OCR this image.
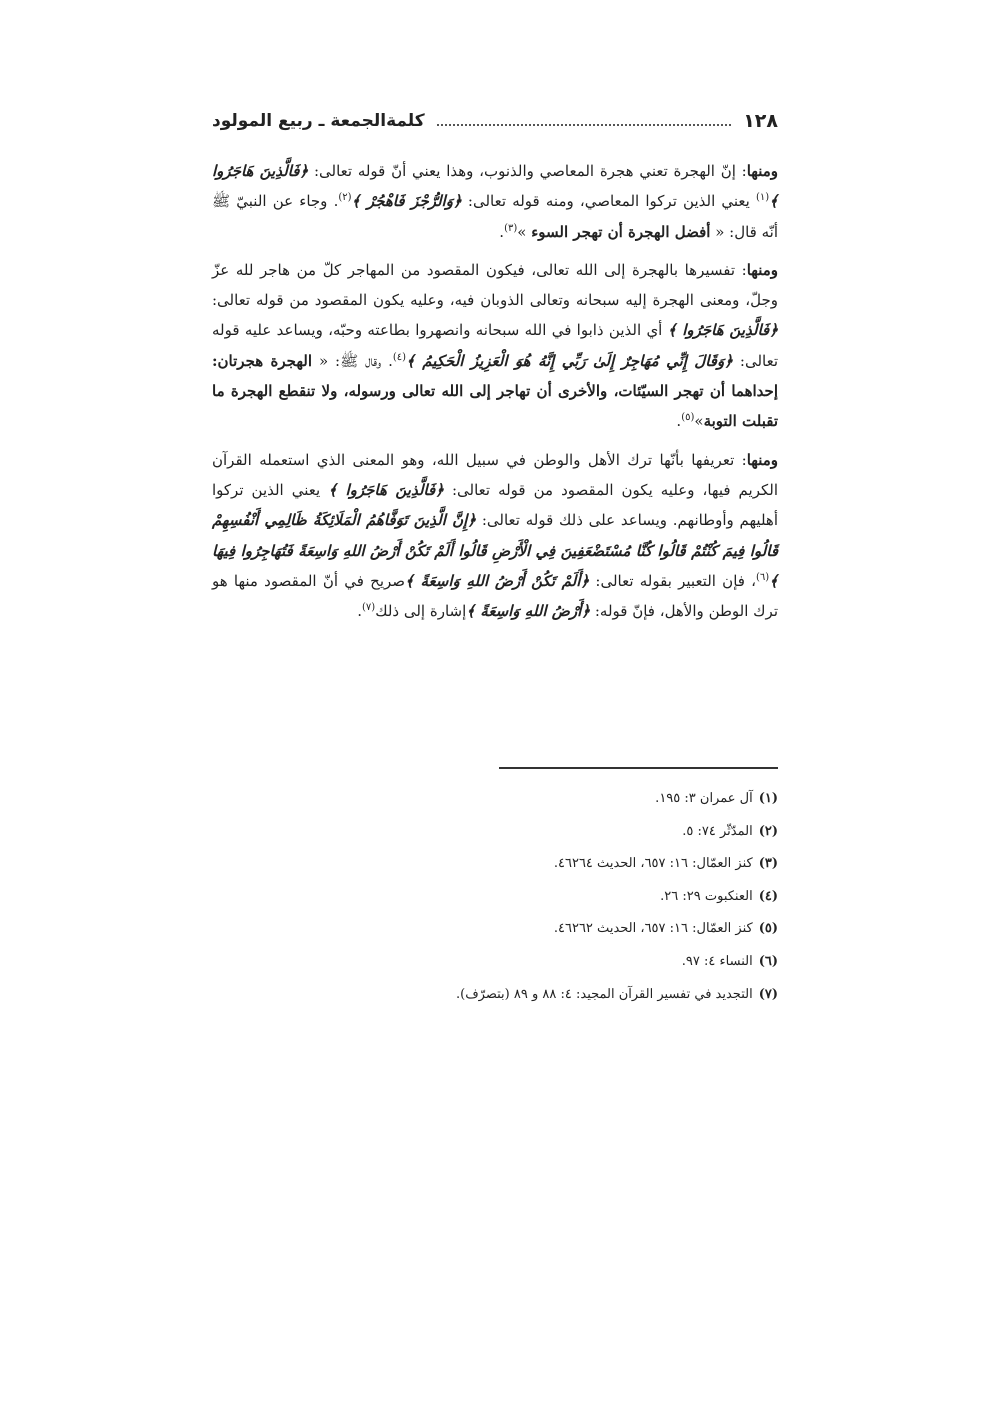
١٢٨
كلمةالجمعة ـ ربيع المولود

ومنها: إنّ الهجرة تعني هجرة المعاصي والذنوب، وهذا يعني أنّ قوله تعالى: ﴿فَالَّذِينَ هَاجَرُوا ﴾$^{(١)}$ يعني الذين تركوا المعاصي، ومنه قوله تعالى: ﴿وَالرُّجْزَ فَاهْجُرْ ﴾$^{(٢)}$. وجاء عن النبيّ ﷺ أنّه قال: « أفضل الهجرة أن تهجر السوء »$^{(٣)}$.

ومنها: تفسيرها بالهجرة إلى الله تعالى، فيكون المقصود من المهاجر كلّ من هاجر لله عزّ وجلّ، ومعنى الهجرة إليه سبحانه وتعالى الذوبان فيه، وعليه يكون المقصود من قوله تعالى: ﴿فَالَّذِينَ هَاجَرُوا ﴾ أي الذين ذابوا في الله سبحانه وانصهروا بطاعته وحبّه، ويساعد عليه قوله تعالى: ﴿وَقَالَ إِنِّي مُهَاجِرٌ إِلَىٰ رَبِّي إِنَّهُ هُوَ الْعَزِيزُ الْحَكِيمُ ﴾$^{(٤)}$. وقال ﷺ: « الهجرة هجرتان: إحداهما أن تهجر السيّئات، والأخرى أن تهاجر إلى الله تعالى ورسوله، ولا تنقطع الهجرة ما تقبلت التوبة»$^{(٥)}$.

ومنها: تعريفها بأنّها ترك الأهل والوطن في سبيل الله، وهو المعنى الذي استعمله القرآن الكريم فيها، وعليه يكون المقصود من قوله تعالى: ﴿فَالَّذِينَ هَاجَرُوا ﴾ يعني الذين تركوا أهليهم وأوطانهم. ويساعد على ذلك قوله تعالى: ﴿إِنَّ الَّذِينَ تَوَفَّاهُمُ الْمَلَائِكَةُ ظَالِمِي أَنْفُسِهِمْ قَالُوا فِيمَ كُنْتُمْ قَالُوا كُنَّا مُسْتَضْعَفِينَ فِي الْأَرْضِ قَالُوا أَلَمْ تَكُنْ أَرْضُ اللهِ وَاسِعَةً فَتُهَاجِرُوا فِيهَا ﴾$^{(٦)}$، فإن التعبير بقوله تعالى: ﴿أَلَمْ تَكُنْ أَرْضُ اللهِ وَاسِعَةً ﴾صريح في أنّ المقصود منها هو ترك الوطن والأهل، فإنّ قوله: ﴿أَرْضُ اللهِ وَاسِعَةً ﴾إشارة إلى ذلك$^{(٧)}$.

(١)آل عمران ٣: ١٩٥.
(٢)المدّثّر ٧٤: ٥.
(٣)كنز العمّال: ١٦: ٦٥٧، الحديث ٤٦٢٦٤.
(٤)العنكبوت ٢٩: ٢٦.
(٥)كنز العمّال: ١٦: ٦٥٧، الحديث ٤٦٢٦٢.
(٦)النساء ٤: ٩٧.
(٧)التجديد في تفسير القرآن المجيد: ٤: ٨٨ و ٨٩ (بتصرّف).
